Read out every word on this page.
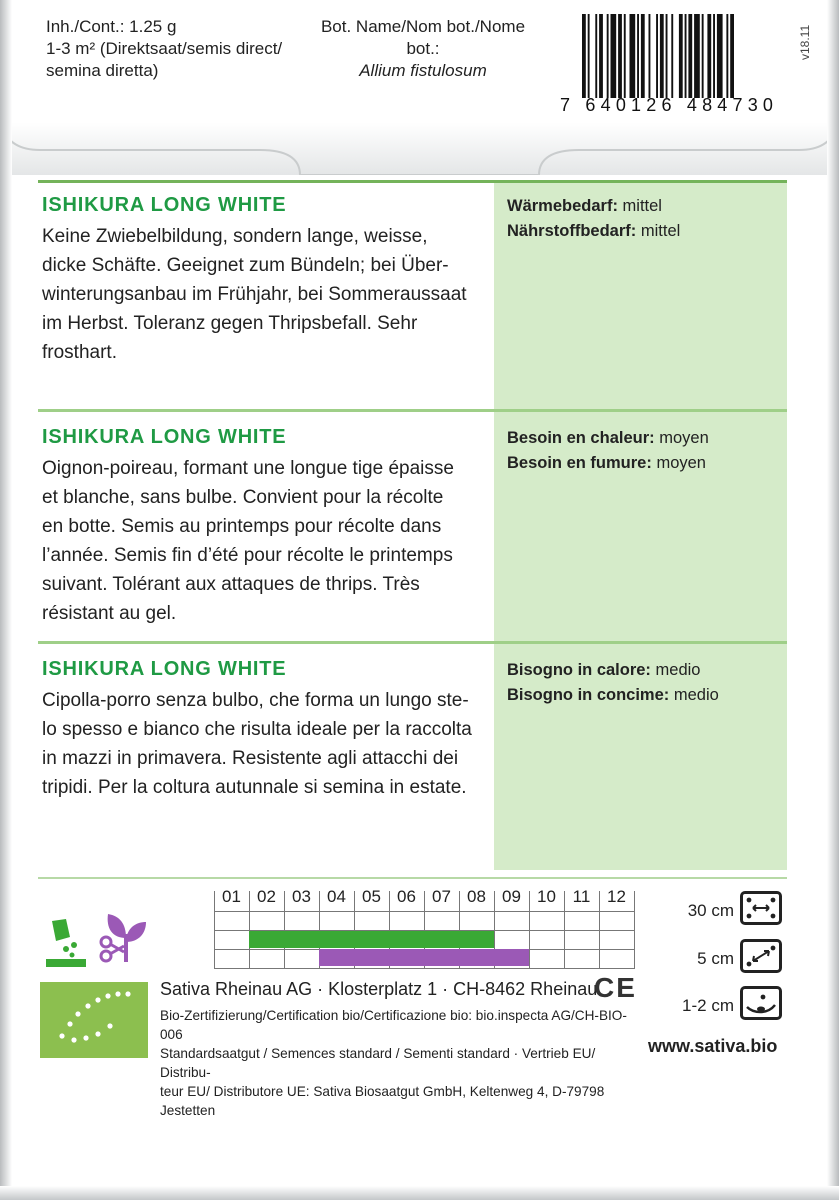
Inh./Cont.: 1.25 g
1-3 m² (Direktsaat/semis direct/
semina diretta)
Bot. Name/Nom bot./Nome bot.:
Allium fistulosum
7 640126 484730
v18.11
ISHIKURA LONG WHITE
Keine Zwiebelbildung, sondern lange, weisse,
dicke Schäfte. Geeignet zum Bündeln; bei Über-
winterungsanbau im Frühjahr, bei Sommeraussaat
im Herbst. Toleranz gegen Thripsbefall. Sehr
frosthart.
Wärmebedarf: mittel
Nährstoffbedarf: mittel
ISHIKURA LONG WHITE
Oignon-poireau, formant une longue tige épaisse
et blanche, sans bulbe. Convient pour la récolte
en botte. Semis au printemps pour récolte dans
l’année. Semis fin d’été pour récolte le printemps
suivant. Tolérant aux attaques de thrips. Très
résistant au gel.
Besoin en chaleur: moyen
Besoin en fumure: moyen
ISHIKURA LONG WHITE
Cipolla-porro senza bulbo, che forma un lungo ste-
lo spesso e bianco che risulta ideale per la raccolta
in mazzi in primavera. Resistente agli attacchi dei
tripidi. Per la coltura autunnale si semina in estate.
Bisogno in calore: medio
Bisogno in concime: medio
01 02 03 04 05 06 07 08 09 10 11 12
Sativa Rheinau AG · Klosterplatz 1 · CH-8462 Rheinau
CE
Bio-Zertifizierung/Certification bio/Certificazione bio: bio.inspecta AG/CH-BIO-006
Standardsaatgut / Semences standard / Sementi standard · Vertrieb EU/ Distribu-
teur EU/ Distributore UE: Sativa Biosaatgut GmbH, Keltenweg 4, D-79798 Jestetten
www.sativa.bio
30 cm
5 cm
1-2 cm
